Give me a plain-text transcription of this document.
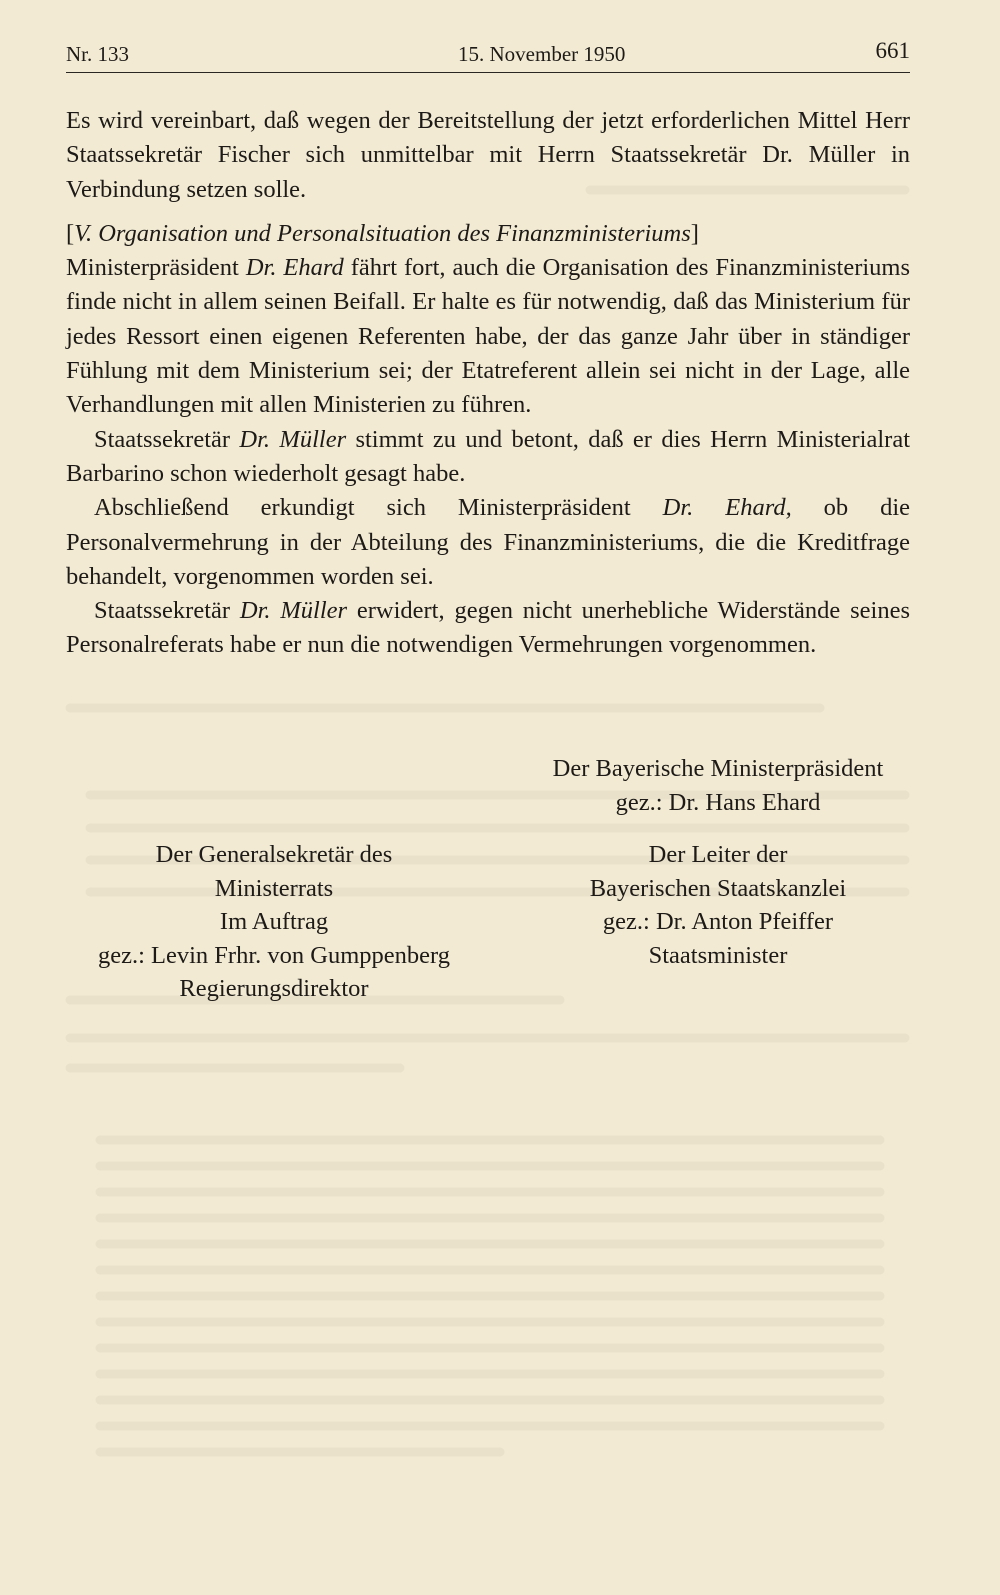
Nr. 133	15. November 1950	661

Es wird vereinbart, daß wegen der Bereitstellung der jetzt erforderlichen Mittel Herr Staatssekretär Fischer sich unmittelbar mit Herrn Staatssekretär Dr. Müller in Verbindung setzen solle.

[V. Organisation und Personalsituation des Finanzministeriums]

Ministerpräsident Dr. Ehard fährt fort, auch die Organisation des Finanzministeriums finde nicht in allem seinen Beifall. Er halte es für notwendig, daß das Ministerium für jedes Ressort einen eigenen Referenten habe, der das ganze Jahr über in ständiger Fühlung mit dem Ministerium sei; der Etatreferent allein sei nicht in der Lage, alle Verhandlungen mit allen Ministerien zu führen.

Staatssekretär Dr. Müller stimmt zu und betont, daß er dies Herrn Ministerialrat Barbarino schon wiederholt gesagt habe.

Abschließend erkundigt sich Ministerpräsident Dr. Ehard, ob die Personalvermehrung in der Abteilung des Finanzministeriums, die die Kreditfrage behandelt, vorgenommen worden sei.

Staatssekretär Dr. Müller erwidert, gegen nicht unerhebliche Widerstände seines Personalreferats habe er nun die notwendigen Vermehrungen vorgenommen.

Der Bayerische Ministerpräsident
gez.: Dr. Hans Ehard
Der Generalsekretär des
Ministerrats
Im Auftrag
gez.: Levin Frhr. von Gumppenberg
Regierungsdirektor
Der Leiter der
Bayerischen Staatskanzlei
gez.: Dr. Anton Pfeiffer
Staatsminister
